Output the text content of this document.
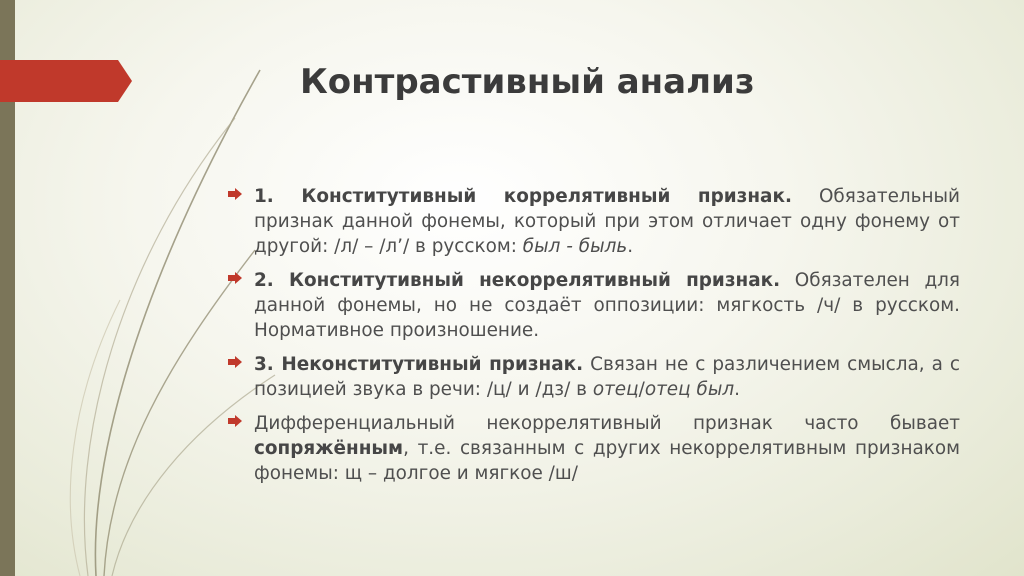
Контрастивный анализ
1. Конститутивный коррелятивный признак. Обязательный признак данной фонемы, который при этом отличает одну фонему от другой: /л/ – /л’/ в русском: был - быль.
2. Конститутивный некоррелятивный признак. Обязателен для данной фонемы, но не создаёт оппозиции: мягкость /ч/ в русском. Нормативное произношение.
3. Неконститутивный признак. Связан не с различением смысла, а с позицией звука в речи: /ц/ и /дз/ в отец/отец был.
Дифференциальный некоррелятивный признак часто бывает сопряжённым, т.е. связанным с других некоррелятивным признаком фонемы: щ – долгое и мягкое /ш/
